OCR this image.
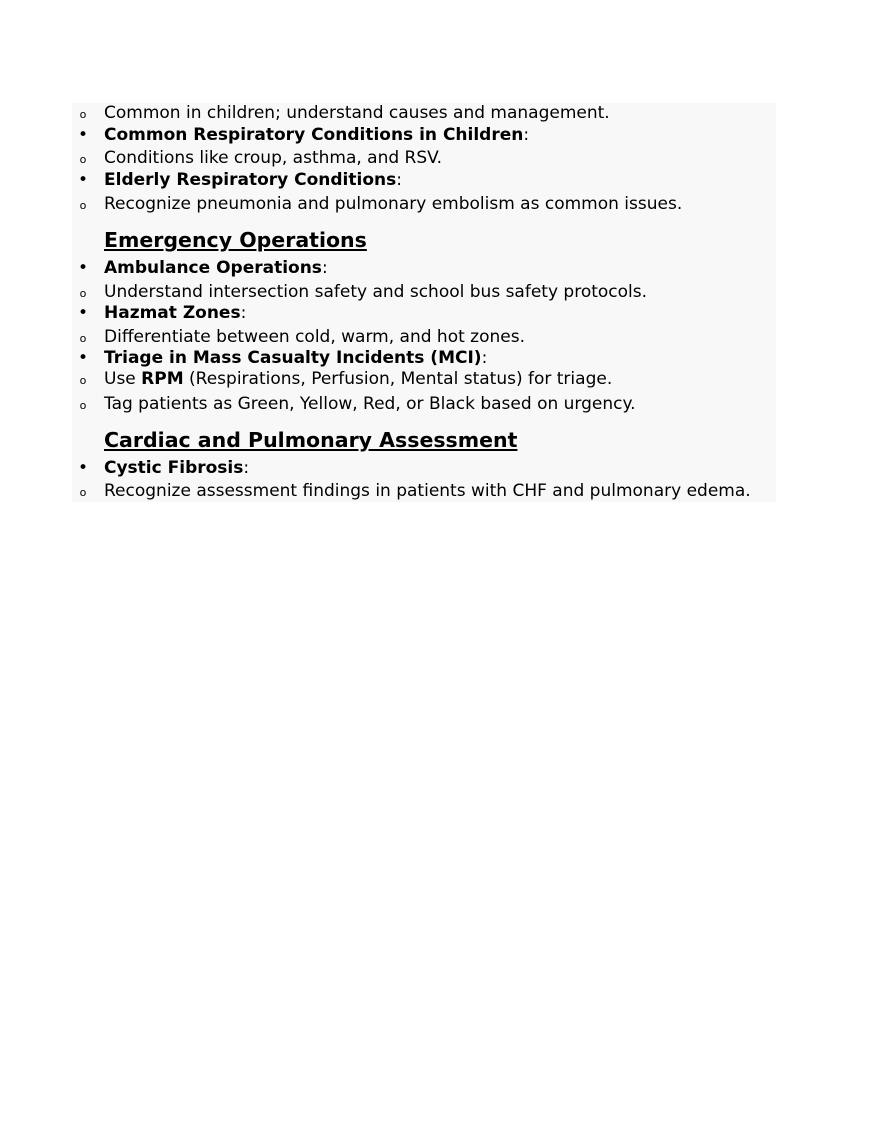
o Common in children; understand causes and management.
• Common Respiratory Conditions in Children:
o Conditions like croup, asthma, and RSV.
• Elderly Respiratory Conditions:
o Recognize pneumonia and pulmonary embolism as common issues.
Emergency Operations
• Ambulance Operations:
o Understand intersection safety and school bus safety protocols.
• Hazmat Zones:
o Differentiate between cold, warm, and hot zones.
• Triage in Mass Casualty Incidents (MCI):
o Use RPM (Respirations, Perfusion, Mental status) for triage.
o Tag patients as Green, Yellow, Red, or Black based on urgency.
Cardiac and Pulmonary Assessment
• Cystic Fibrosis:
o Recognize assessment findings in patients with CHF and pulmonary edema.
